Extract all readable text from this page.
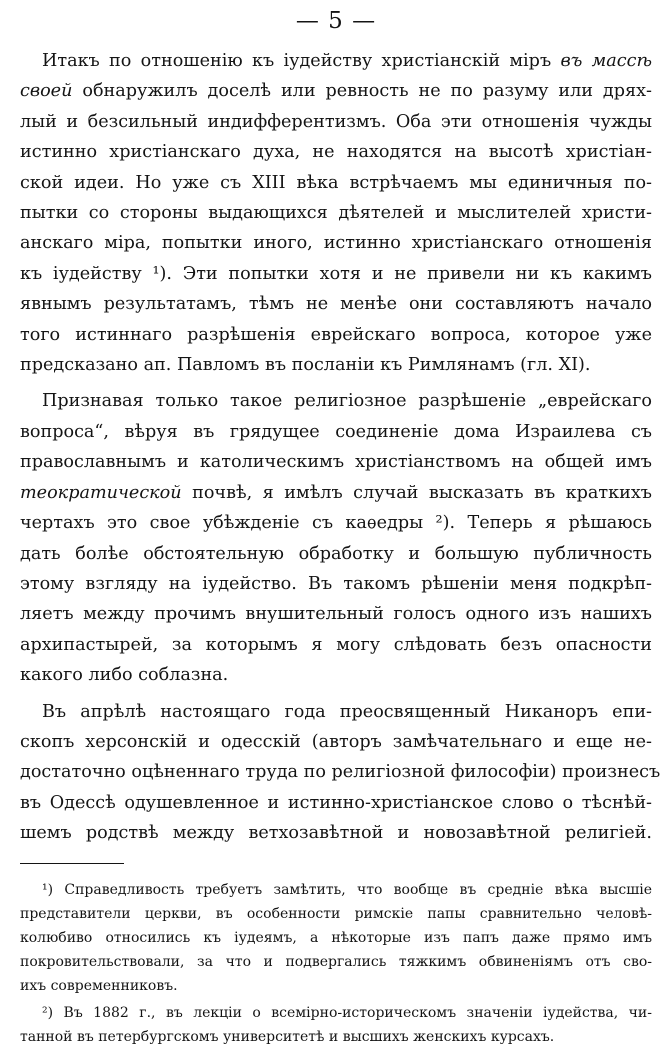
— 5 —
Итакъ по отношенію къ іудейству христіанскій міръ въ массѣ
своей обнаружилъ доселѣ или ревность не по разуму или дрях-
лый и безсильный индифферентизмъ. Оба эти отношенія чужды
истинно христіанскаго духа, не находятся на высотѣ христіан-
ской идеи. Но уже съ XIII вѣка встрѣчаемъ мы единичныя по-
пытки со стороны выдающихся дѣятелей и мыслителей христи-
анскаго міра, попытки иного, истинно христіанскаго отношенія
къ іудейству ¹). Эти попытки хотя и не привели ни къ какимъ
явнымъ результатамъ, тѣмъ не менѣе они составляютъ начало
того истиннаго разрѣшенія еврейскаго вопроса, которое уже
предсказано ап. Павломъ въ посланіи къ Римлянамъ (гл. XI).
Признавая только такое религіозное разрѣшеніе „еврейскаго
вопроса“, вѣруя въ грядущее соединеніе дома Израилева съ
православнымъ и католическимъ христіанствомъ на общей имъ
теократической почвѣ, я имѣлъ случай высказать въ краткихъ
чертахъ это свое убѣжденіе съ каѳедры ²). Теперь я рѣшаюсь
дать болѣе обстоятельную обработку и большую публичность
этому взгляду на іудейство. Въ такомъ рѣшеніи меня подкрѣп-
ляетъ между прочимъ внушительный голосъ одного изъ нашихъ
архипастырей, за которымъ я могу слѣдовать безъ опасности
какого либо соблазна.
Въ апрѣлѣ настоящаго года преосвященный Никаноръ епи-
скопъ херсонскій и одесскій (авторъ замѣчательнаго и еще не-
достаточно оцѣненнаго труда по религіозной философіи) произнесъ
въ Одессѣ одушевленное и истинно-христіанское слово о тѣснѣй-
шемъ родствѣ между ветхозавѣтной и новозавѣтной религіей.
¹) Справедливость требуетъ замѣтить, что вообще въ средніе вѣка высшіе
представители церкви, въ особенности римскіе папы сравнительно человѣ-
колюбиво относились къ іудеямъ, а нѣкоторые изъ папъ даже прямо имъ
покровительствовали, за что и подвергались тяжкимъ обвиненіямъ отъ сво-
ихъ современниковъ.
²) Въ 1882 г., въ лекціи о всемірно-историческомъ значеніи іудейства, чи-
танной въ петербургскомъ университетѣ и высшихъ женскихъ курсахъ.
